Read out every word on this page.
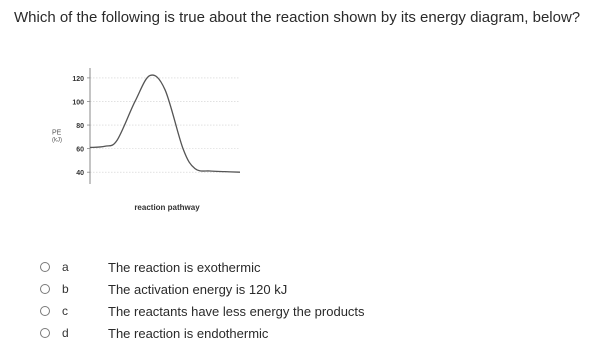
Which of the following is true about the reaction shown by its energy diagram, below?
120
100
80
60
40
PE
(kJ)
reaction pathway
a	The reaction is exothermic
b	The activation energy is 120 kJ
c	The reactants have less energy the products
d	The reaction is endothermic
